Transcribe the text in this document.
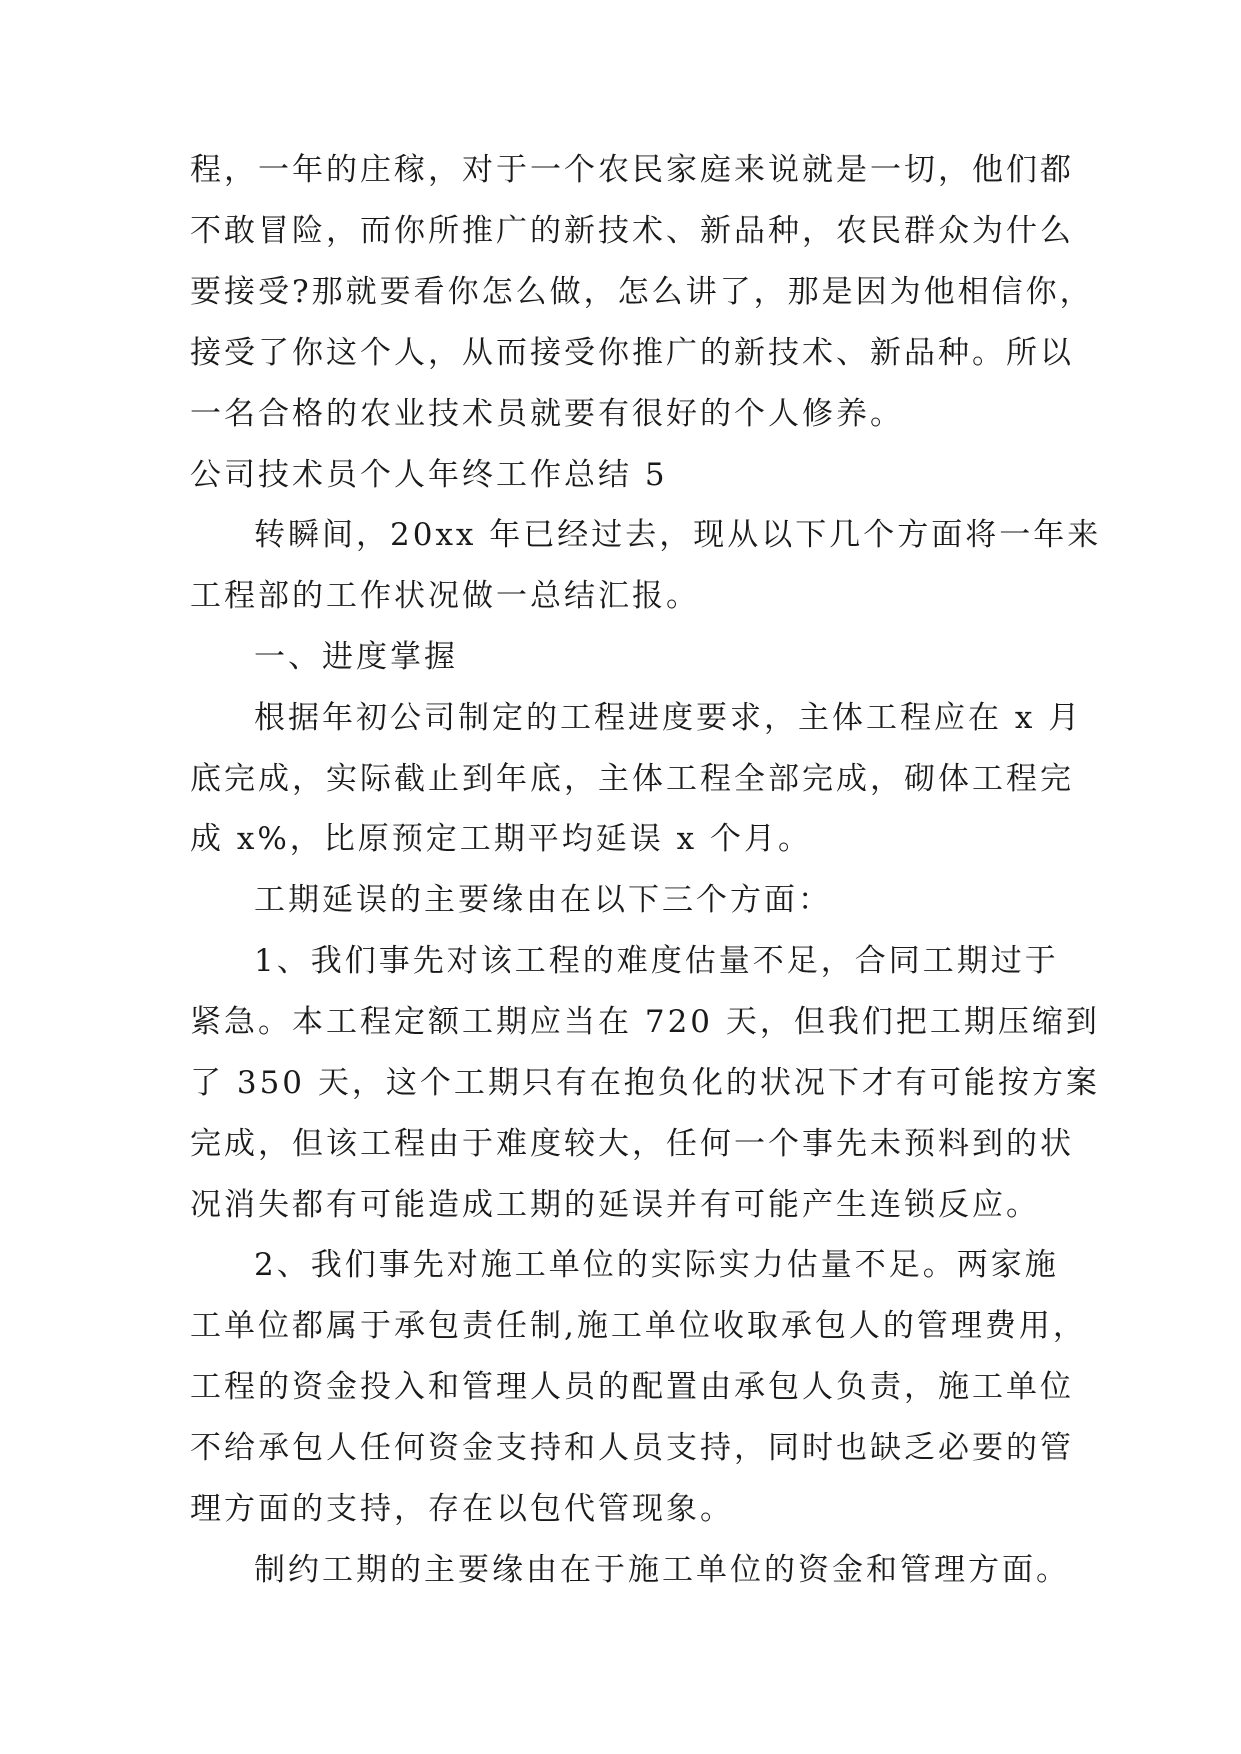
程，一年的庄稼，对于一个农民家庭来说就是一切，他们都
不敢冒险，而你所推广的新技术、新品种，农民群众为什么
要接受?那就要看你怎么做，怎么讲了，那是因为他相信你，
接受了你这个人，从而接受你推广的新技术、新品种。所以
一名合格的农业技术员就要有很好的个人修养。
公司技术员个人年终工作总结 5
转瞬间，20xx 年已经过去，现从以下几个方面将一年来
工程部的工作状况做一总结汇报。
一、进度掌握
根据年初公司制定的工程进度要求，主体工程应在 x 月
底完成，实际截止到年底，主体工程全部完成，砌体工程完
成 x%，比原预定工期平均延误 x 个月。
工期延误的主要缘由在以下三个方面：
1、我们事先对该工程的难度估量不足，合同工期过于
紧急。本工程定额工期应当在 720 天，但我们把工期压缩到
了 350 天，这个工期只有在抱负化的状况下才有可能按方案
完成，但该工程由于难度较大，任何一个事先未预料到的状
况消失都有可能造成工期的延误并有可能产生连锁反应。
2、我们事先对施工单位的实际实力估量不足。两家施
工单位都属于承包责任制,施工单位收取承包人的管理费用，
工程的资金投入和管理人员的配置由承包人负责，施工单位
不给承包人任何资金支持和人员支持，同时也缺乏必要的管
理方面的支持，存在以包代管现象。
制约工期的主要缘由在于施工单位的资金和管理方面。
